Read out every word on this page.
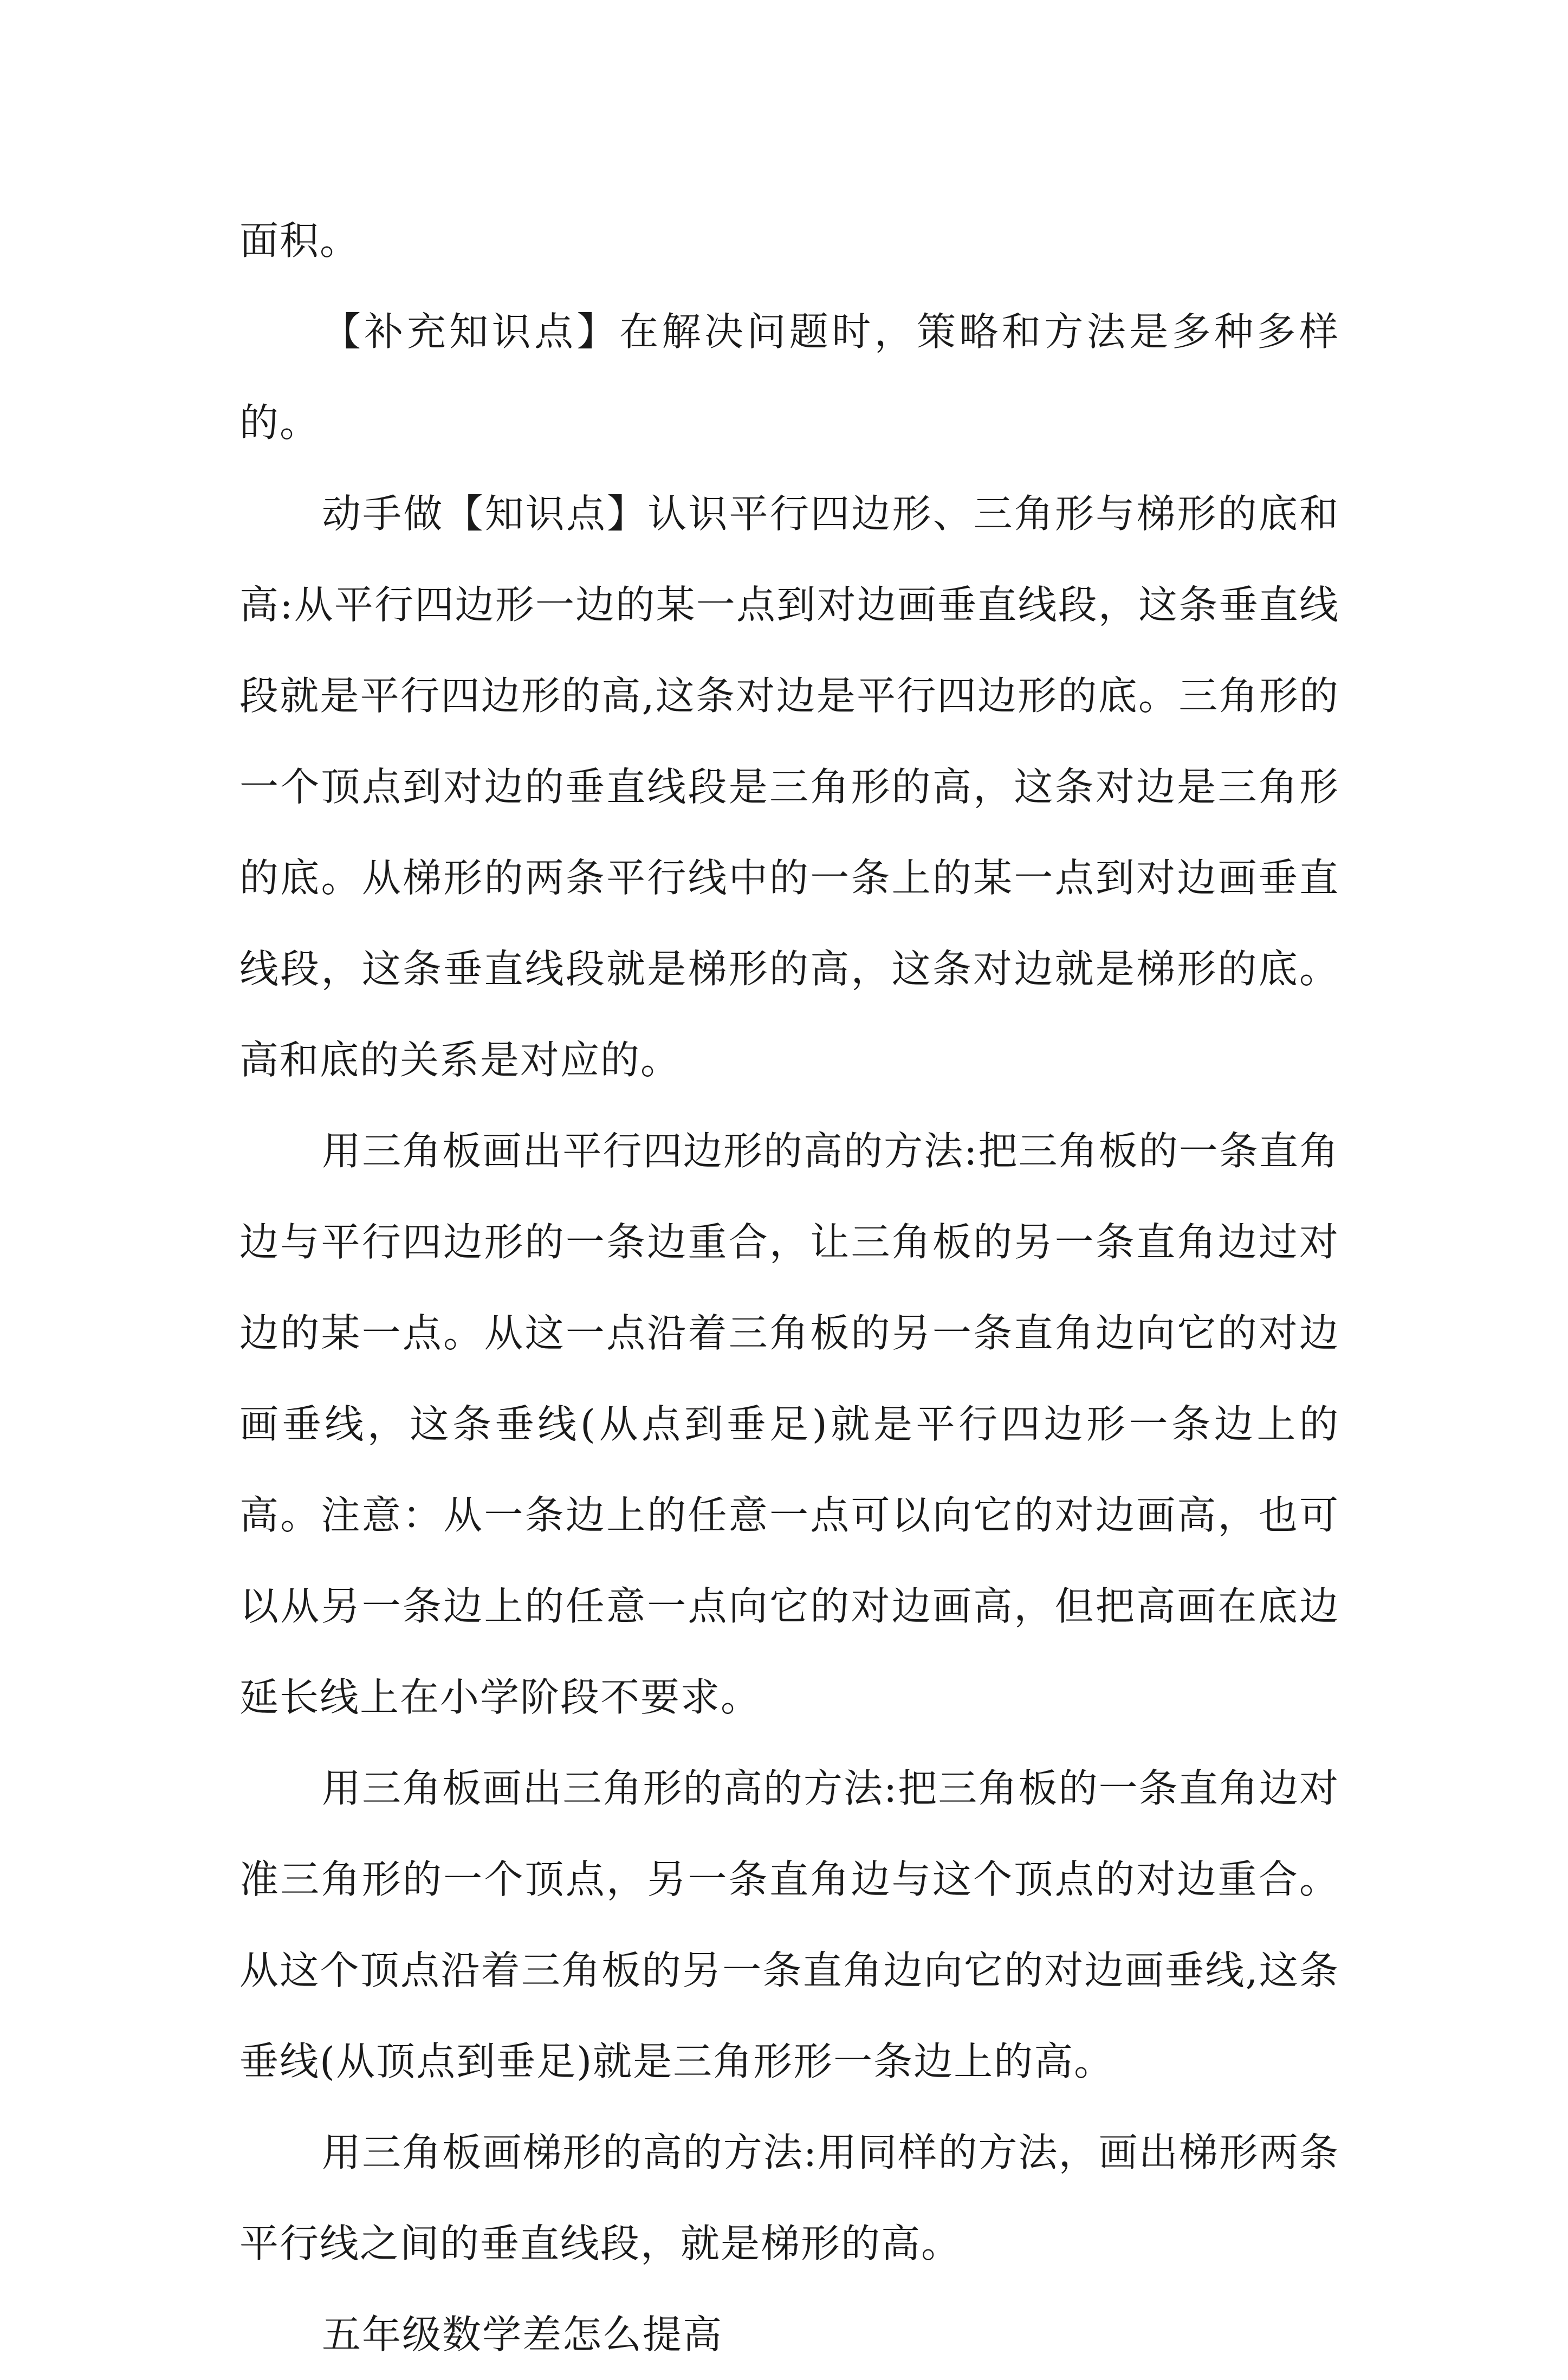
面积。

【补充知识点】在解决问题时，策略和方法是多种多样的。

动手做【知识点】认识平行四边形、三角形与梯形的底和高:从平行四边形一边的某一点到对边画垂直线段，这条垂直线段就是平行四边形的高,这条对边是平行四边形的底。三角形的一个顶点到对边的垂直线段是三角形的高，这条对边是三角形的底。从梯形的两条平行线中的一条上的某一点到对边画垂直线段，这条垂直线段就是梯形的高，这条对边就是梯形的底。高和底的关系是对应的。

用三角板画出平行四边形的高的方法:把三角板的一条直角边与平行四边形的一条边重合，让三角板的另一条直角边过对边的某一点。从这一点沿着三角板的另一条直角边向它的对边画垂线，这条垂线(从点到垂足)就是平行四边形一条边上的高。注意：从一条边上的任意一点可以向它的对边画高，也可以从另一条边上的任意一点向它的对边画高，但把高画在底边延长线上在小学阶段不要求。

用三角板画出三角形的高的方法:把三角板的一条直角边对准三角形的一个顶点，另一条直角边与这个顶点的对边重合。从这个顶点沿着三角板的另一条直角边向它的对边画垂线,这条垂线(从顶点到垂足)就是三角形形一条边上的高。

用三角板画梯形的高的方法:用同样的方法，画出梯形两条平行线之间的垂直线段，就是梯形的高。

五年级数学差怎么提高
